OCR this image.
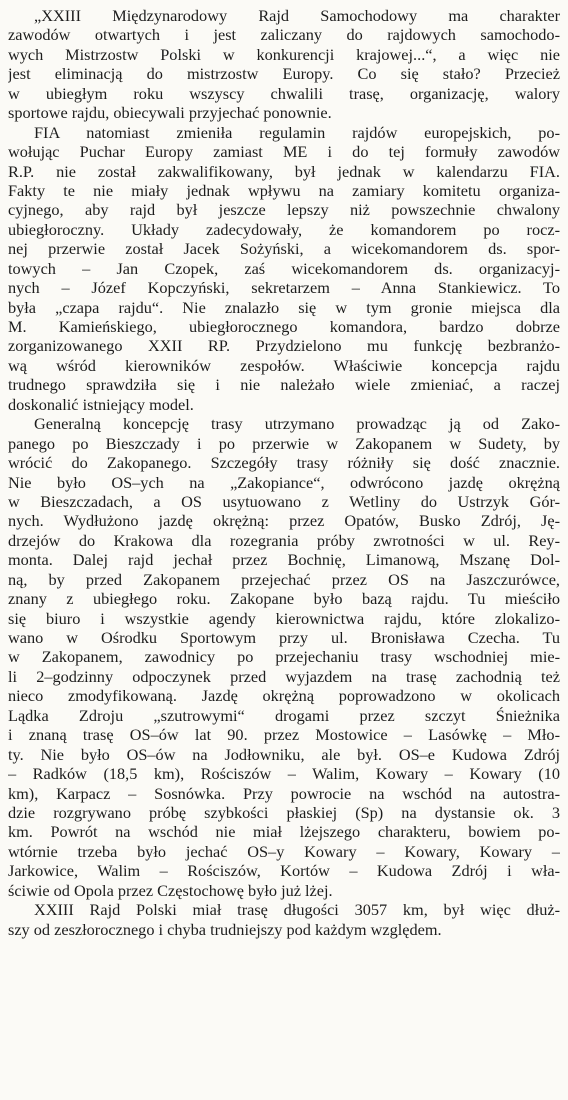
„XXIII Międzynarodowy Rajd Samochodowy ma charakter
zawodów otwartych i jest zaliczany do rajdowych samochodo-
wych Mistrzostw Polski w konkurencji krajowej...“, a więc nie
jest eliminacją do mistrzostw Europy. Co się stało? Przecież
w ubiegłym roku wszyscy chwalili trasę, organizację, walory
sportowe rajdu, obiecywali przyjechać ponownie.
FIA natomiast zmieniła regulamin rajdów europejskich, po-
wołując Puchar Europy zamiast ME i do tej formuły zawodów
R.P. nie został zakwalifikowany, był jednak w kalendarzu FIA.
Fakty te nie miały jednak wpływu na zamiary komitetu organiza-
cyjnego, aby rajd był jeszcze lepszy niż powszechnie chwalony
ubiegłoroczny. Układy zadecydowały, że komandorem po rocz-
nej przerwie został Jacek Sożyński, a wicekomandorem ds. spor-
towych – Jan Czopek, zaś wicekomandorem ds. organizacyj-
nych – Józef Kopczyński, sekretarzem – Anna Stankiewicz. To
była „czapa rajdu“. Nie znalazło się w tym gronie miejsca dla
M. Kamieńskiego, ubiegłorocznego komandora, bardzo dobrze
zorganizowanego XXII RP. Przydzielono mu funkcję bezbranżo-
wą wśród kierowników zespołów. Właściwie koncepcja rajdu
trudnego sprawdziła się i nie należało wiele zmieniać, a raczej
doskonalić istniejący model.
Generalną koncepcję trasy utrzymano prowadząc ją od Zako-
panego po Bieszczady i po przerwie w Zakopanem w Sudety, by
wrócić do Zakopanego. Szczegóły trasy różniły się dość znacznie.
Nie było OS–ych na „Zakopiance“, odwrócono jazdę okrężną
w Bieszczadach, a OS usytuowano z Wetliny do Ustrzyk Gór-
nych. Wydłużono jazdę okrężną: przez Opatów, Busko Zdrój, Ję-
drzejów do Krakowa dla rozegrania próby zwrotności w ul. Rey-
monta. Dalej rajd jechał przez Bochnię, Limanową, Mszanę Dol-
ną, by przed Zakopanem przejechać przez OS na Jaszczurówce,
znany z ubiegłego roku. Zakopane było bazą rajdu. Tu mieściło
się biuro i wszystkie agendy kierownictwa rajdu, które zlokalizo-
wano w Ośrodku Sportowym przy ul. Bronisława Czecha. Tu
w Zakopanem, zawodnicy po przejechaniu trasy wschodniej mie-
li 2–godzinny odpoczynek przed wyjazdem na trasę zachodnią też
nieco zmodyfikowaną. Jazdę okrężną poprowadzono w okolicach
Lądka Zdroju „szutrowymi“ drogami przez szczyt Śnieżnika
i znaną trasę OS–ów lat 90. przez Mostowice – Lasówkę – Mło-
ty. Nie było OS–ów na Jodłowniku, ale był. OS–e Kudowa Zdrój
– Radków (18,5 km), Rościszów – Walim, Kowary – Kowary (10
km), Karpacz – Sosnówka. Przy powrocie na wschód na autostra-
dzie rozgrywano próbę szybkości płaskiej (Sp) na dystansie ok. 3
km. Powrót na wschód nie miał lżejszego charakteru, bowiem po-
wtórnie trzeba było jechać OS–y Kowary – Kowary, Kowary –
Jarkowice, Walim – Rościszów, Kortów – Kudowa Zdrój i wła-
ściwie od Opola przez Częstochowę było już lżej.
XXIII Rajd Polski miał trasę długości 3057 km, był więc dłuż-
szy od zeszłorocznego i chyba trudniejszy pod każdym względem.
